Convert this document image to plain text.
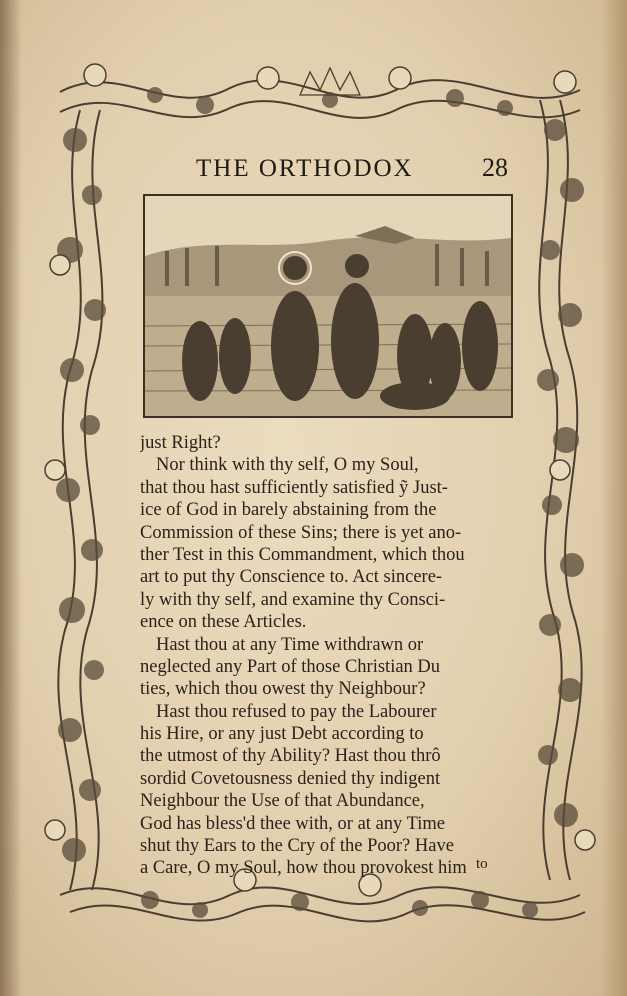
THE ORTHODOX	28
just Right?
Nor think with thy self, O my Soul,
that thou hast sufficiently satisfied ỹ Just-
ice of God in barely abstaining from the
Commission of these Sins; there is yet ano-
ther Test in this Commandment, which thou
art to put thy Conscience to. Act sincere-
ly with thy self, and examine thy Consci-
ence on these Articles.
Hast thou at any Time withdrawn or
neglected any Part of those Christian Du
ties, which thou owest thy Neighbour?
Hast thou refused to pay the Labourer
his Hire, or any just Debt according to
the utmost of thy Ability? Hast thou thrô
sordid Covetousness denied thy indigent
Neighbour the Use of that Abundance,
God has bless'd thee with, or at any Time
shut thy Ears to the Cry of the Poor? Have
a Care, O my Soul, how thou provokest him to
